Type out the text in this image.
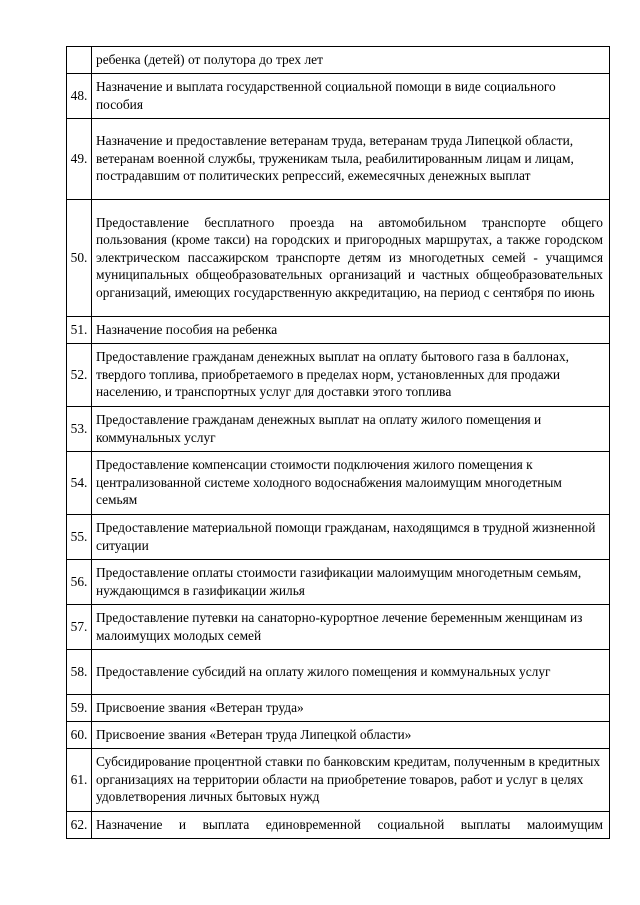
	ребенка (детей) от полутора до трех лет
48.	Назначение и выплата государственной социальной помощи в виде социального пособия
49.	Назначение и предоставление ветеранам труда, ветеранам труда Липецкой области, ветеранам военной службы, труженикам тыла, реабилитированным лицам и лицам, пострадавшим от политических репрессий, ежемесячных денежных выплат
50.	Предоставление бесплатного проезда на автомобильном транспорте общего пользования (кроме такси) на городских и пригородных маршрутах, а также городском электрическом пассажирском транспорте детям из многодетных семей - учащимся муниципальных общеобразовательных организаций и частных общеобразовательных организаций, имеющих государственную аккредитацию, на период с сентября по июнь
51.	Назначение пособия на ребенка
52.	Предоставление гражданам денежных выплат на оплату бытового газа в баллонах, твердого топлива, приобретаемого в пределах норм, установленных для продажи населению, и транспортных услуг для доставки этого топлива
53.	Предоставление гражданам денежных выплат на оплату жилого помещения и коммунальных услуг
54.	Предоставление компенсации стоимости подключения жилого помещения к централизованной системе холодного водоснабжения малоимущим многодетным семьям
55.	Предоставление материальной помощи гражданам, находящимся в трудной жизненной ситуации
56.	Предоставление оплаты стоимости газификации малоимущим многодетным семьям, нуждающимся в газификации жилья
57.	Предоставление путевки на санаторно-курортное лечение беременным женщинам из малоимущих молодых семей
58.	Предоставление субсидий на оплату жилого помещения и коммунальных услуг
59.	Присвоение звания «Ветеран труда»
60.	Присвоение звания «Ветеран труда Липецкой области»
61.	Субсидирование процентной ставки по банковским кредитам, полученным в кредитных организациях на территории области на приобретение товаров, работ и услуг в целях удовлетворения личных бытовых нужд
62.	Назначение и выплата единовременной социальной выплаты малоимущим
